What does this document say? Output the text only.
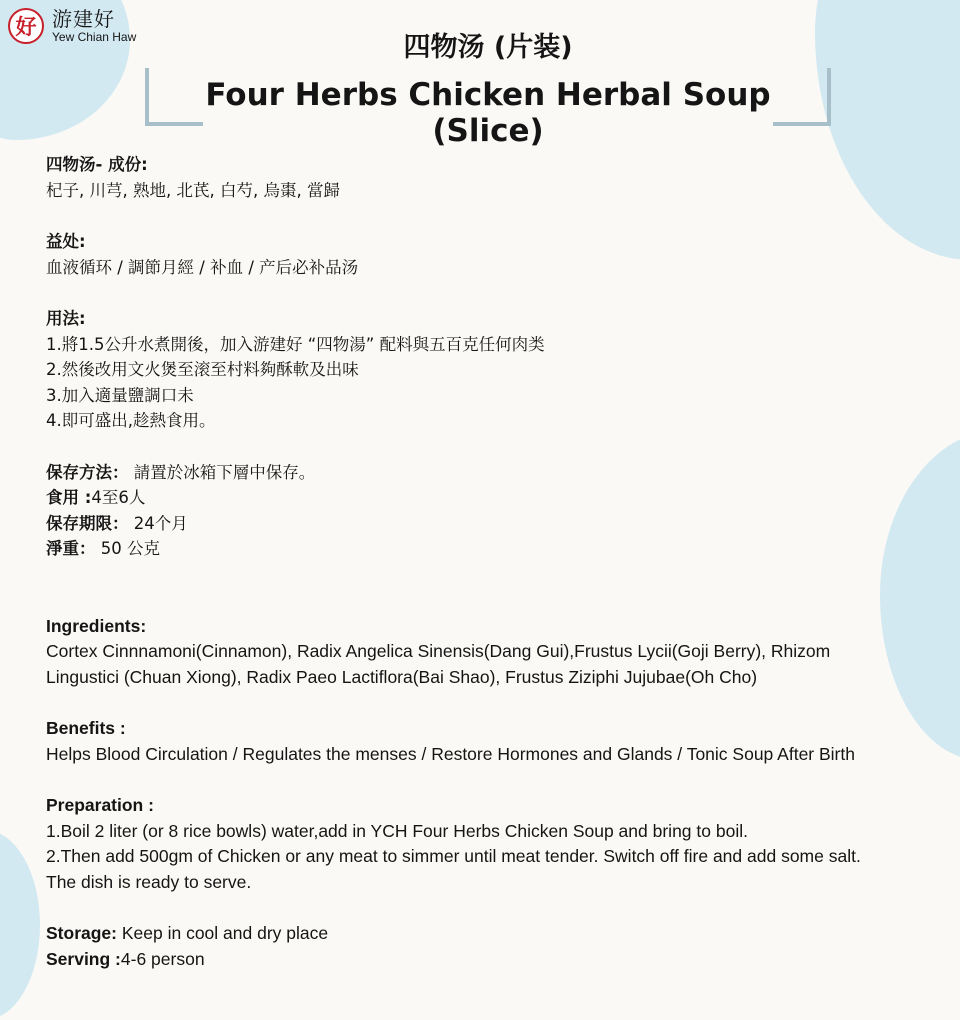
好 游建好
Yew Chian Haw	四物汤 (片装)
Four Herbs Chicken Herbal Soup (Slice)

四物汤- 成份:

杞子, 川芎, 熟地, 北芪, 白芍, 烏棗, 當歸

益处:

血液循环 / 調節月經 / 补血 / 产后必补品汤

用法:

1.將1.5公升水煮開後，加入游建好 “四物湯” 配料與五百克任何肉类

2.然後改用文火煲至滚至村料夠酥軟及出味

3.加入適量鹽調口未

4.即可盛出,趁熱食用。

保存方法： 請置於冰箱下層中保存。

食用 :4至6人

保存期限： 24个月

淨重： 50 公克

Ingredients:

Cortex Cinnnamoni(Cinnamon), Radix Angelica Sinensis(Dang Gui),Frustus Lycii(Goji Berry), Rhizom Lingustici (Chuan Xiong), Radix Paeo Lactiflora(Bai Shao), Frustus Ziziphi Jujubae(Oh Cho)

Benefits :

Helps Blood Circulation / Regulates the menses / Restore Hormones and Glands / Tonic Soup After Birth

Preparation :

1.Boil 2 liter (or 8 rice bowls) water,add in YCH Four Herbs Chicken Soup and bring to boil.

2.Then add 500gm of Chicken or any meat to simmer until meat tender. Switch off fire and add some salt. The dish is ready to serve.

Storage: Keep in cool and dry place

Serving :4-6 person
